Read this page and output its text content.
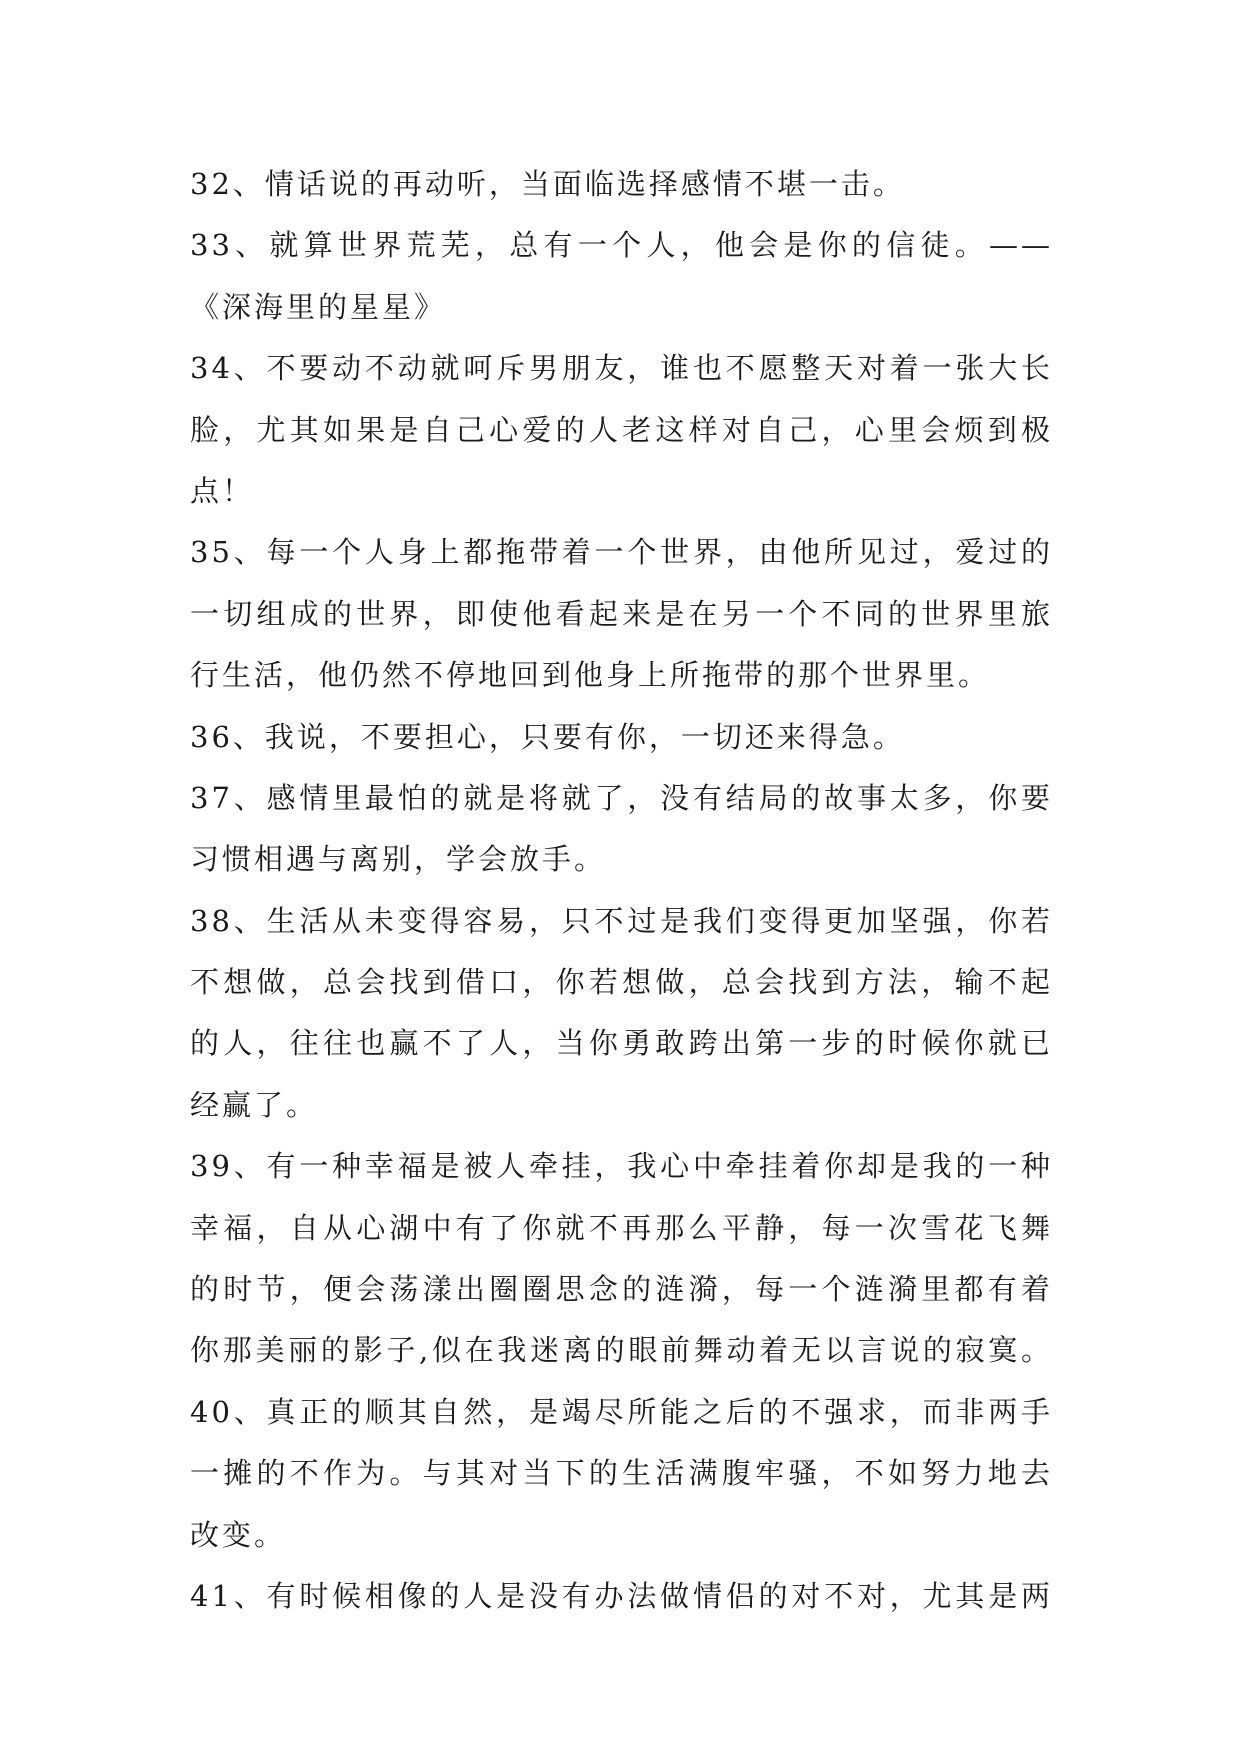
32、情话说的再动听，当面临选择感情不堪一击。
33、就算世界荒芜，总有一个人，他会是你的信徒。——
《深海里的星星》
34、不要动不动就呵斥男朋友，谁也不愿整天对着一张大长
脸，尤其如果是自己心爱的人老这样对自己，心里会烦到极
点！
35、每一个人身上都拖带着一个世界，由他所见过，爱过的
一切组成的世界，即使他看起来是在另一个不同的世界里旅
行生活，他仍然不停地回到他身上所拖带的那个世界里。
36、我说，不要担心，只要有你，一切还来得急。
37、感情里最怕的就是将就了，没有结局的故事太多，你要
习惯相遇与离别，学会放手。
38、生活从未变得容易，只不过是我们变得更加坚强，你若
不想做，总会找到借口，你若想做，总会找到方法，输不起
的人，往往也赢不了人，当你勇敢跨出第一步的时候你就已
经赢了。
39、有一种幸福是被人牵挂，我心中牵挂着你却是我的一种
幸福，自从心湖中有了你就不再那么平静，每一次雪花飞舞
的时节，便会荡漾出圈圈思念的涟漪，每一个涟漪里都有着
你那美丽的影子,似在我迷离的眼前舞动着无以言说的寂寞。
40、真正的顺其自然，是竭尽所能之后的不强求，而非两手
一摊的不作为。与其对当下的生活满腹牢骚，不如努力地去
改变。
41、有时候相像的人是没有办法做情侣的对不对，尤其是两
